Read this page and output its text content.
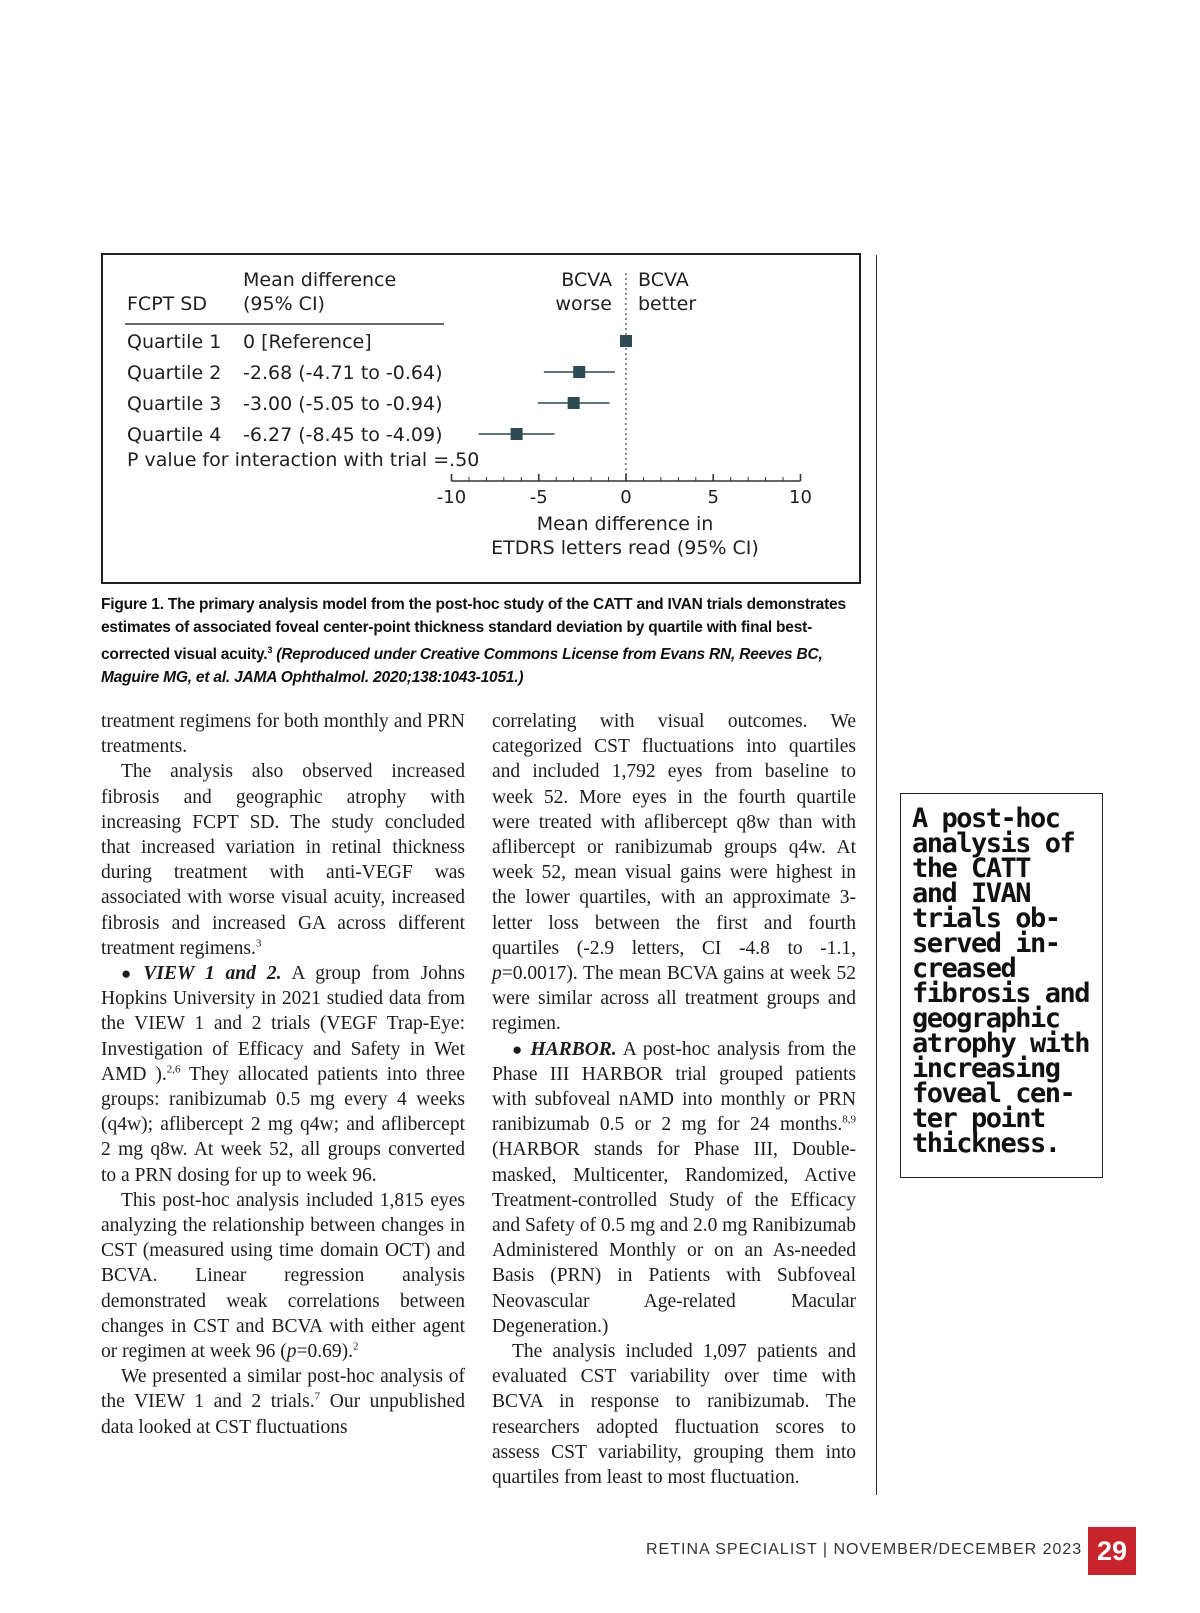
FCPT SD
Mean difference
(95% CI)
BCVA
worse
BCVA
better
Quartile 1 0 [Reference]
Quartile 2 -2.68 (-4.71 to -0.64)
Quartile 3 -3.00 (-5.05 to -0.94)
Quartile 4 -6.27 (-8.45 to -4.09)
P value for interaction with trial =.50
-10	-5	0	5	10
Mean difference in
ETDRS letters read (95% CI)
Figure 1. The primary analysis model from the post-hoc study of the CATT and IVAN trials demonstrates estimates of associated foveal center-point thickness standard deviation by quartile with final best-corrected visual acuity.$^3$ (Reproduced under Creative Commons License from Evans RN, Reeves BC, Maguire MG, et al. JAMA Ophthalmol. 2020;138:1043-1051.)

treatment regimens for both monthly and PRN treatments.

The analysis also observed increased fibrosis and geographic atrophy with increasing FCPT SD. The study concluded that increased variation in retinal thickness during treatment with anti-VEGF was associated with worse visual acuity, increased fibrosis and increased GA across different treatment regimens.$^3$

● VIEW 1 and 2. A group from Johns Hopkins University in 2021 studied data from the VIEW 1 and 2 trials (VEGF Trap-Eye: Investigation of Efficacy and Safety in Wet AMD ).$^{2,6}$ They allocated patients into three groups: ranibizumab 0.5 mg every 4 weeks (q4w); aflibercept 2 mg q4w; and aflibercept 2 mg q8w. At week 52, all groups converted to a PRN dosing for up to week 96.

This post-hoc analysis included 1,815 eyes analyzing the relationship between changes in CST (measured using time domain OCT) and BCVA. Linear regression analysis demonstrated weak correlations between changes in CST and BCVA with either agent or regimen at week 96 (p=0.69).$^2$

We presented a similar post-hoc analysis of the VIEW 1 and 2 trials.$^7$ Our unpublished data looked at CST fluctuations

correlating with visual outcomes. We categorized CST fluctuations into quartiles and included 1,792 eyes from baseline to week 52. More eyes in the fourth quartile were treated with aflibercept q8w than with aflibercept or ranibizumab groups q4w. At week 52, mean visual gains were highest in the lower quartiles, with an approximate 3-letter loss between the first and fourth quartiles (-2.9 letters, CI -4.8 to -1.1, p=0.0017). The mean BCVA gains at week 52 were similar across all treatment groups and regimen.

● HARBOR. A post-hoc analysis from the Phase III HARBOR trial grouped patients with subfoveal nAMD into monthly or PRN ranibizumab 0.5 or 2 mg for 24 months.$^{8,9}$ (HARBOR stands for Phase III, Double-masked, Multicenter, Randomized, Active Treatment-controlled Study of the Efficacy and Safety of 0.5 mg and 2.0 mg Ranibizumab Administered Monthly or on an As-needed Basis (PRN) in Patients with Subfoveal Neovascular Age-related Macular Degeneration.)

The analysis included 1,097 patients and evaluated CST variability over time with BCVA in response to ranibizumab. The researchers adopted fluctuation scores to assess CST variability, grouping them into quartiles from least to most fluctuation.

A post-hoc
analysis of
the CATT
and IVAN
trials ob-
served in-
creased
fibrosis and
geographic
atrophy with
increasing
foveal cen-
ter point
thickness.
RETINA SPECIALIST | NOVEMBER/DECEMBER 2023 29
